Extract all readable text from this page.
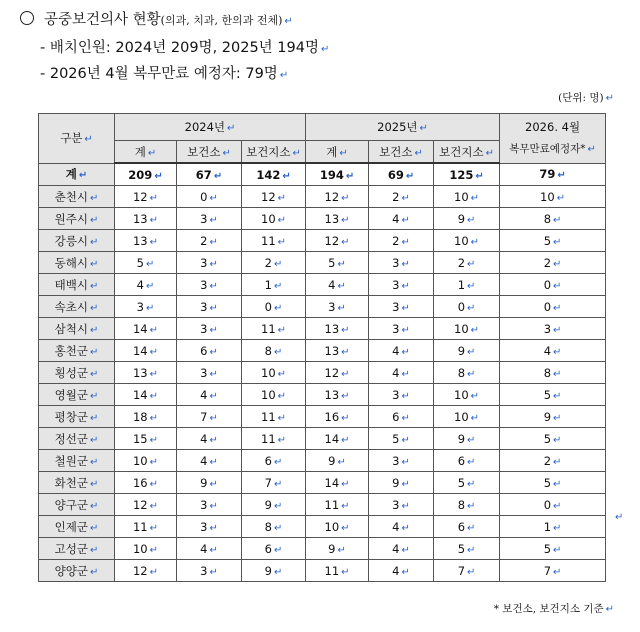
공중보건의사 현황(의과, 치과, 한의과 전체) ↵
- 배치인원: 2024년 209명, 2025년 194명 ↵
- 2026년 4월 복무만료 예정자: 79명 ↵
(단위: 명) ↵
구분 ↵	2024년 ↵			2025년 ↵			2026. 4월
복무만료예정자* ↵

	계 ↵	보건소 ↵	보건지소 ↵	계 ↵	보건소 ↵	보건지소 ↵	
계 ↵	209 ↵	67 ↵	142 ↵	194 ↵	69 ↵	125 ↵	79 ↵
춘천시 ↵	12 ↵	0 ↵	12 ↵	12 ↵	2 ↵	10 ↵	10 ↵
원주시 ↵	13 ↵	3 ↵	10 ↵	13 ↵	4 ↵	9 ↵	8 ↵
강릉시 ↵	13 ↵	2 ↵	11 ↵	12 ↵	2 ↵	10 ↵	5 ↵
동해시 ↵	5 ↵	3 ↵	2 ↵	5 ↵	3 ↵	2 ↵	2 ↵
태백시 ↵	4 ↵	3 ↵	1 ↵	4 ↵	3 ↵	1 ↵	0 ↵
속초시 ↵	3 ↵	3 ↵	0 ↵	3 ↵	3 ↵	0 ↵	0 ↵
삼척시 ↵	14 ↵	3 ↵	11 ↵	13 ↵	3 ↵	10 ↵	3 ↵
홍천군 ↵	14 ↵	6 ↵	8 ↵	13 ↵	4 ↵	9 ↵	4 ↵
횡성군 ↵	13 ↵	3 ↵	10 ↵	12 ↵	4 ↵	8 ↵	8 ↵
영월군 ↵	14 ↵	4 ↵	10 ↵	13 ↵	3 ↵	10 ↵	5 ↵
평창군 ↵	18 ↵	7 ↵	11 ↵	16 ↵	6 ↵	10 ↵	9 ↵
정선군 ↵	15 ↵	4 ↵	11 ↵	14 ↵	5 ↵	9 ↵	5 ↵
철원군 ↵	10 ↵	4 ↵	6 ↵	9 ↵	3 ↵	6 ↵	2 ↵
화천군 ↵	16 ↵	9 ↵	7 ↵	14 ↵	9 ↵	5 ↵	5 ↵
양구군 ↵	12 ↵	3 ↵	9 ↵	11 ↵	3 ↵	8 ↵	0 ↵
인제군 ↵	11 ↵	3 ↵	8 ↵	10 ↵	4 ↵	6 ↵	1 ↵
고성군 ↵	10 ↵	4 ↵	6 ↵	9 ↵	4 ↵	5 ↵	5 ↵
양양군 ↵	12 ↵	3 ↵	9 ↵	11 ↵	4 ↵	7 ↵	7 ↵
↵
* 보건소, 보건지소 기준 ↵
